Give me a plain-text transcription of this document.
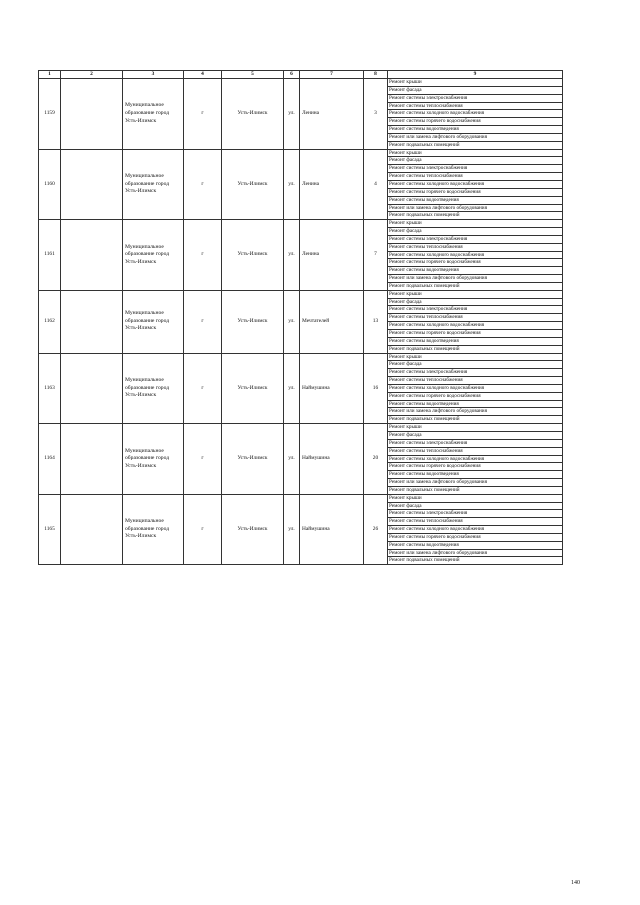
1	2	3	4	5	6	7	8	9
1159		Муниципальное образование город Усть-Илимск	г	Усть-Илимск	ул.	Ленина	3	Ремонт крыши
								Ремонт фасада
								Ремонт системы электроснабжения
								Ремонт системы теплоснабжения
								Ремонт системы холодного водоснабжения
								Ремонт системы горячего водоснабжения
								Ремонт системы водоотведения
								Ремонт или замена лифтового оборудования
								Ремонт подвальных помещений
1160		Муниципальное образование город Усть-Илимск	г	Усть-Илимск	ул.	Ленина	4	Ремонт крыши
								Ремонт фасада
								Ремонт системы электроснабжения
								Ремонт системы теплоснабжения
								Ремонт системы холодного водоснабжения
								Ремонт системы горячего водоснабжения
								Ремонт системы водоотведения
								Ремонт или замена лифтового оборудования
								Ремонт подвальных помещений
1161		Муниципальное образование город Усть-Илимск	г	Усть-Илимск	ул.	Ленина	7	Ремонт крыши
								Ремонт фасада
								Ремонт системы электроснабжения
								Ремонт системы теплоснабжения
								Ремонт системы холодного водоснабжения
								Ремонт системы горячего водоснабжения
								Ремонт системы водоотведения
								Ремонт или замена лифтового оборудования
								Ремонт подвальных помещений
1162		Муниципальное образование город Усть-Илимск	г	Усть-Илимск	ул.	Мечтателей	13	Ремонт крыши
								Ремонт фасада
								Ремонт системы электроснабжения
								Ремонт системы теплоснабжения
								Ремонт системы холодного водоснабжения
								Ремонт системы горячего водоснабжения
								Ремонт системы водоотведения
								Ремонт подвальных помещений
1163		Муниципальное образование город Усть-Илимск	г	Усть-Илимск	ул.	Наймушина	16	Ремонт крыши
								Ремонт фасада
								Ремонт системы электроснабжения
								Ремонт системы теплоснабжения
								Ремонт системы холодного водоснабжения
								Ремонт системы горячего водоснабжения
								Ремонт системы водоотведения
								Ремонт или замена лифтового оборудования
								Ремонт подвальных помещений
1164		Муниципальное образование город Усть-Илимск	г	Усть-Илимск	ул.	Наймушина	20	Ремонт крыши
								Ремонт фасада
								Ремонт системы электроснабжения
								Ремонт системы теплоснабжения
								Ремонт системы холодного водоснабжения
								Ремонт системы горячего водоснабжения
								Ремонт системы водоотведения
								Ремонт или замена лифтового оборудования
								Ремонт подвальных помещений
1165		Муниципальное образование город Усть-Илимск	г	Усть-Илимск	ул.	Наймушина	26	Ремонт крыши
								Ремонт фасада
								Ремонт системы электроснабжения
								Ремонт системы теплоснабжения
								Ремонт системы холодного водоснабжения
								Ремонт системы горячего водоснабжения
								Ремонт системы водоотведения
								Ремонт или замена лифтового оборудования
								Ремонт подвальных помещений
140
